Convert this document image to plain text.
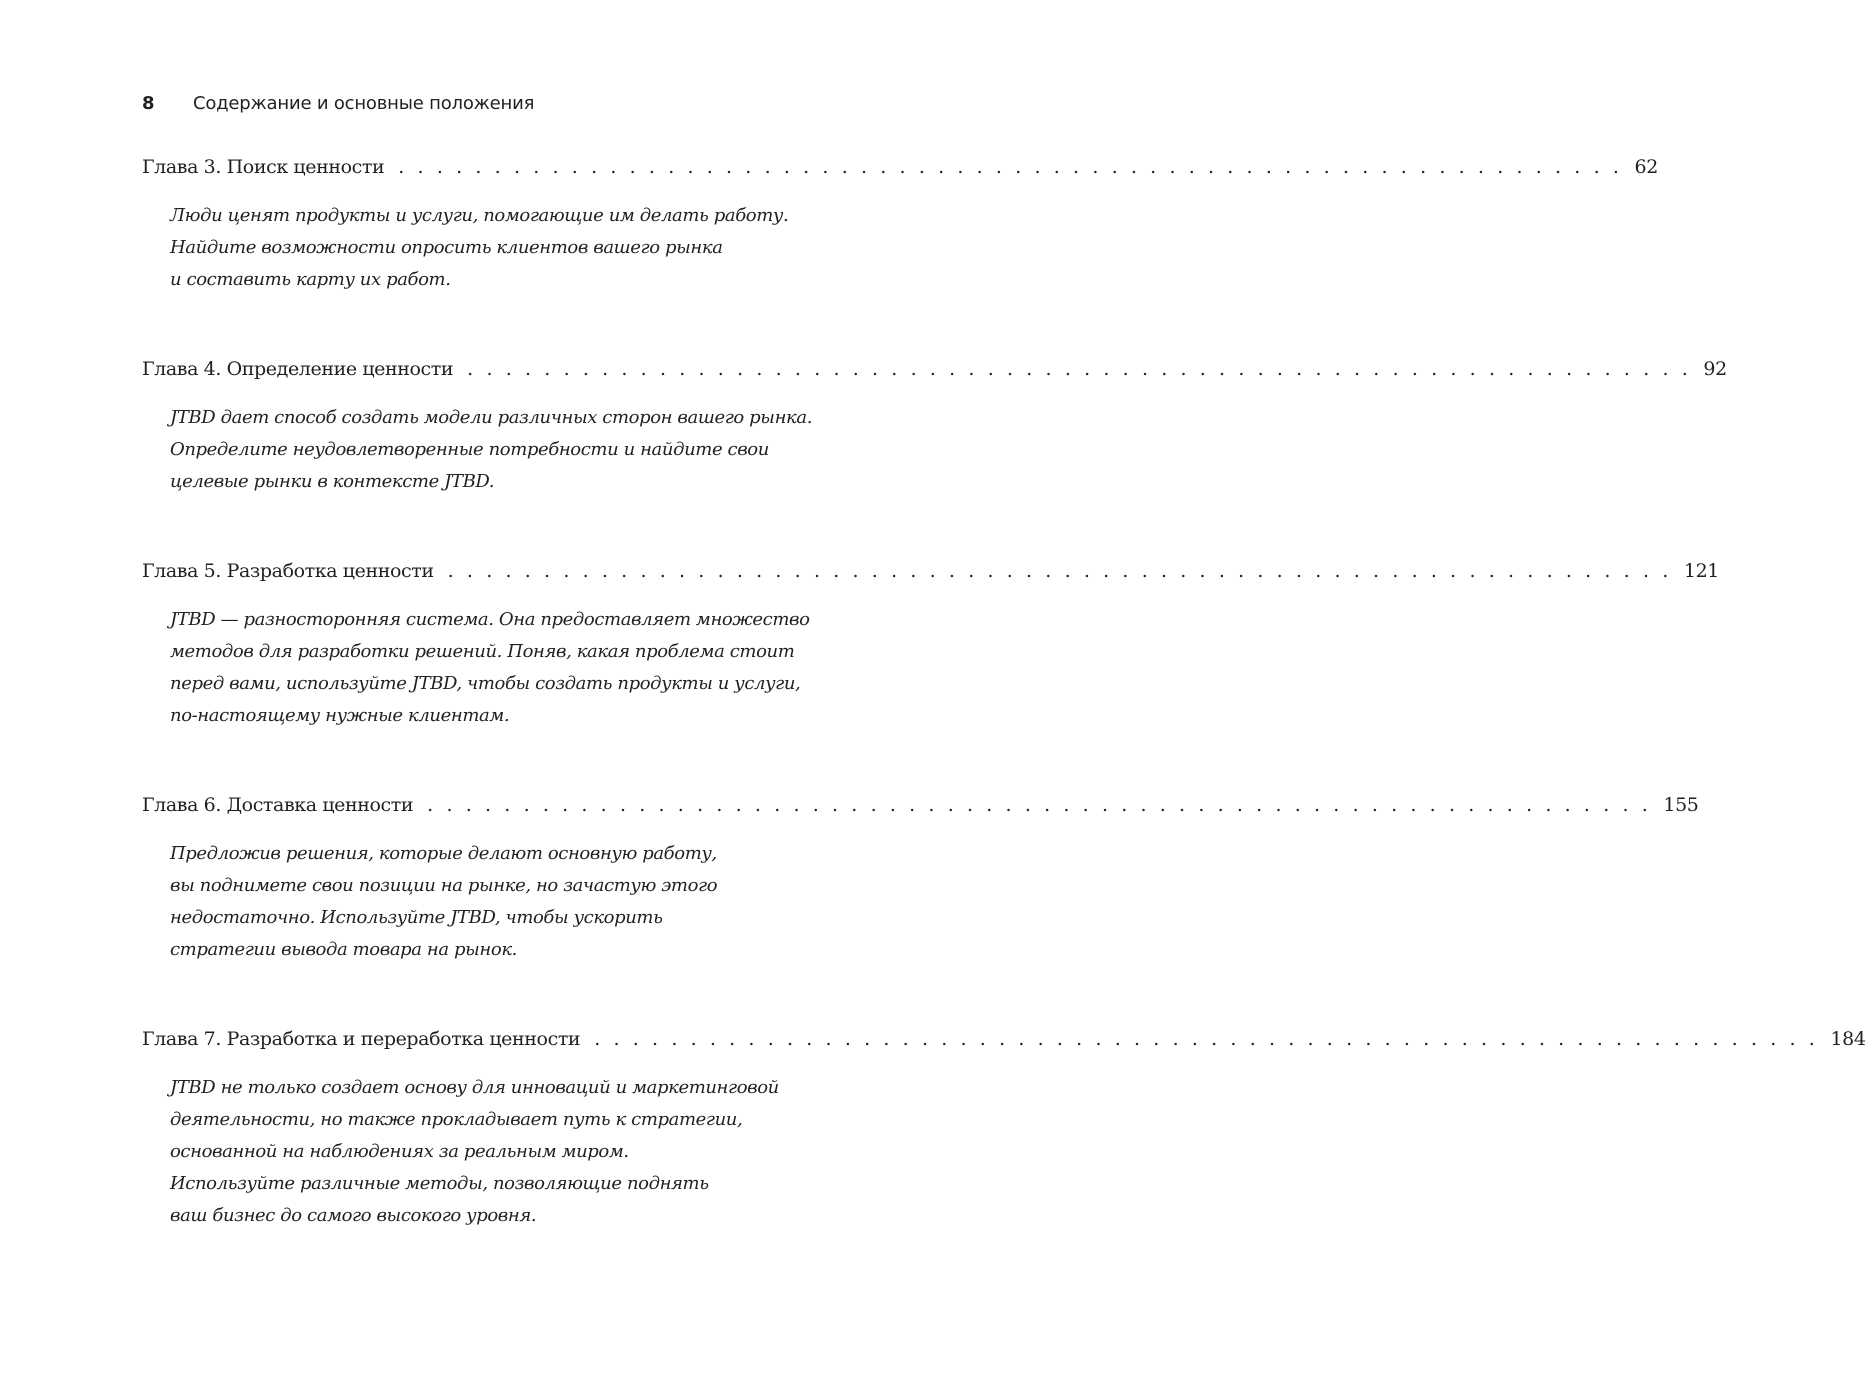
8	Содержание и основные положения
Глава 3. Поиск ценности . . . . . . . . . . . . . . . . . . . . . . . . . . . . . . . . . . . . . . . . . . . . . . . . . . . . . . . . . . . . . . . . 62
Люди ценят продукты и услуги, помогающие им делать работу.
Найдите возможности опросить клиентов вашего рынка
и составить карту их работ.
Глава 4. Определение ценности . . . . . . . . . . . . . . . . . . . . . . . . . . . . . . . . . . . . . . . . . . . . . . . . . . . . . . . . . . . . . . . . 92
JTBD дает способ создать модели различных сторон вашего рынка.
Определите неудовлетворенные потребности и найдите свои
целевые рынки в контексте JTBD.
Глава 5. Разработка ценности . . . . . . . . . . . . . . . . . . . . . . . . . . . . . . . . . . . . . . . . . . . . . . . . . . . . . . . . . . . . . . . . 121
JTBD — разносторонняя система. Она предоставляет множество
методов для разработки решений. Поняв, какая проблема стоит
перед вами, используйте JTBD, чтобы создать продукты и услуги,
по-настоящему нужные клиентам.
Глава 6. Доставка ценности . . . . . . . . . . . . . . . . . . . . . . . . . . . . . . . . . . . . . . . . . . . . . . . . . . . . . . . . . . . . . . . . 155
Предложив решения, которые делают основную работу,
вы поднимете свои позиции на рынке, но зачастую этого
недостаточно. Используйте JTBD, чтобы ускорить
стратегии вывода товара на рынок.
Глава 7. Разработка и переработка ценности . . . . . . . . . . . . . . . . . . . . . . . . . . . . . . . . . . . . . . . . . . . . . . . . . . . . . . . . . . . . . . . . 184
JTBD не только создает основу для инноваций и маркетинговой
деятельности, но также прокладывает путь к стратегии,
основанной на наблюдениях за реальным миром.
Используйте различные методы, позволяющие поднять
ваш бизнес до самого высокого уровня.
